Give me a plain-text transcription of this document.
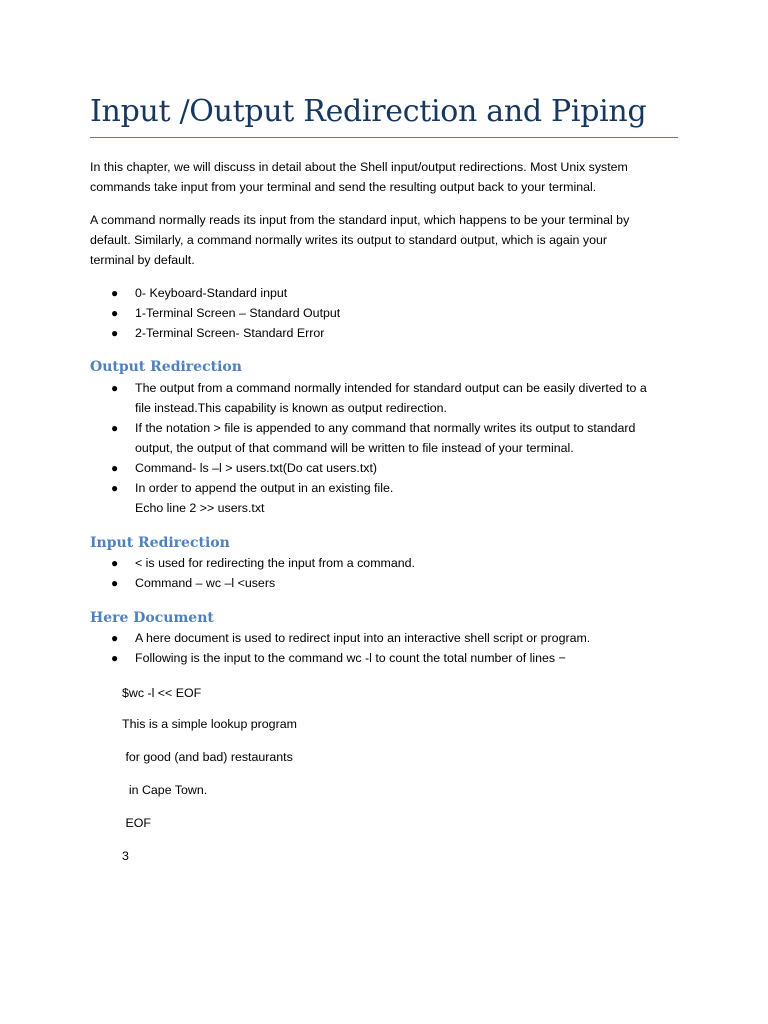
Input /Output Redirection and Piping

In this chapter, we will discuss in detail about the Shell input/output redirections. Most Unix system
commands take input from your terminal and send the resulting output back to your terminal.

A command normally reads its input from the standard input, which happens to be your terminal by
default. Similarly, a command normally writes its output to standard output, which is again your
terminal by default.

● 0- Keyboard-Standard input
● 1-Terminal Screen – Standard Output
● 2-Terminal Screen- Standard Error
Output Redirection
● The output from a command normally intended for standard output can be easily diverted to a
file instead.This capability is known as output redirection.
● If the notation > file is appended to any command that normally writes its output to standard
output, the output of that command will be written to file instead of your terminal.
● Command- ls –l > users.txt(Do cat users.txt)
● In order to append the output in an existing file.
Echo line 2 >> users.txt
Input Redirection
● < is used for redirecting the input from a command.
● Command – wc –l <users
Here Document
● A here document is used to redirect input into an interactive shell script or program.
● Following is the input to the command wc -l to count the total number of lines −

$wc -l << EOF

This is a simple lookup program

for good (and bad) restaurants

in Cape Town.

EOF

3
